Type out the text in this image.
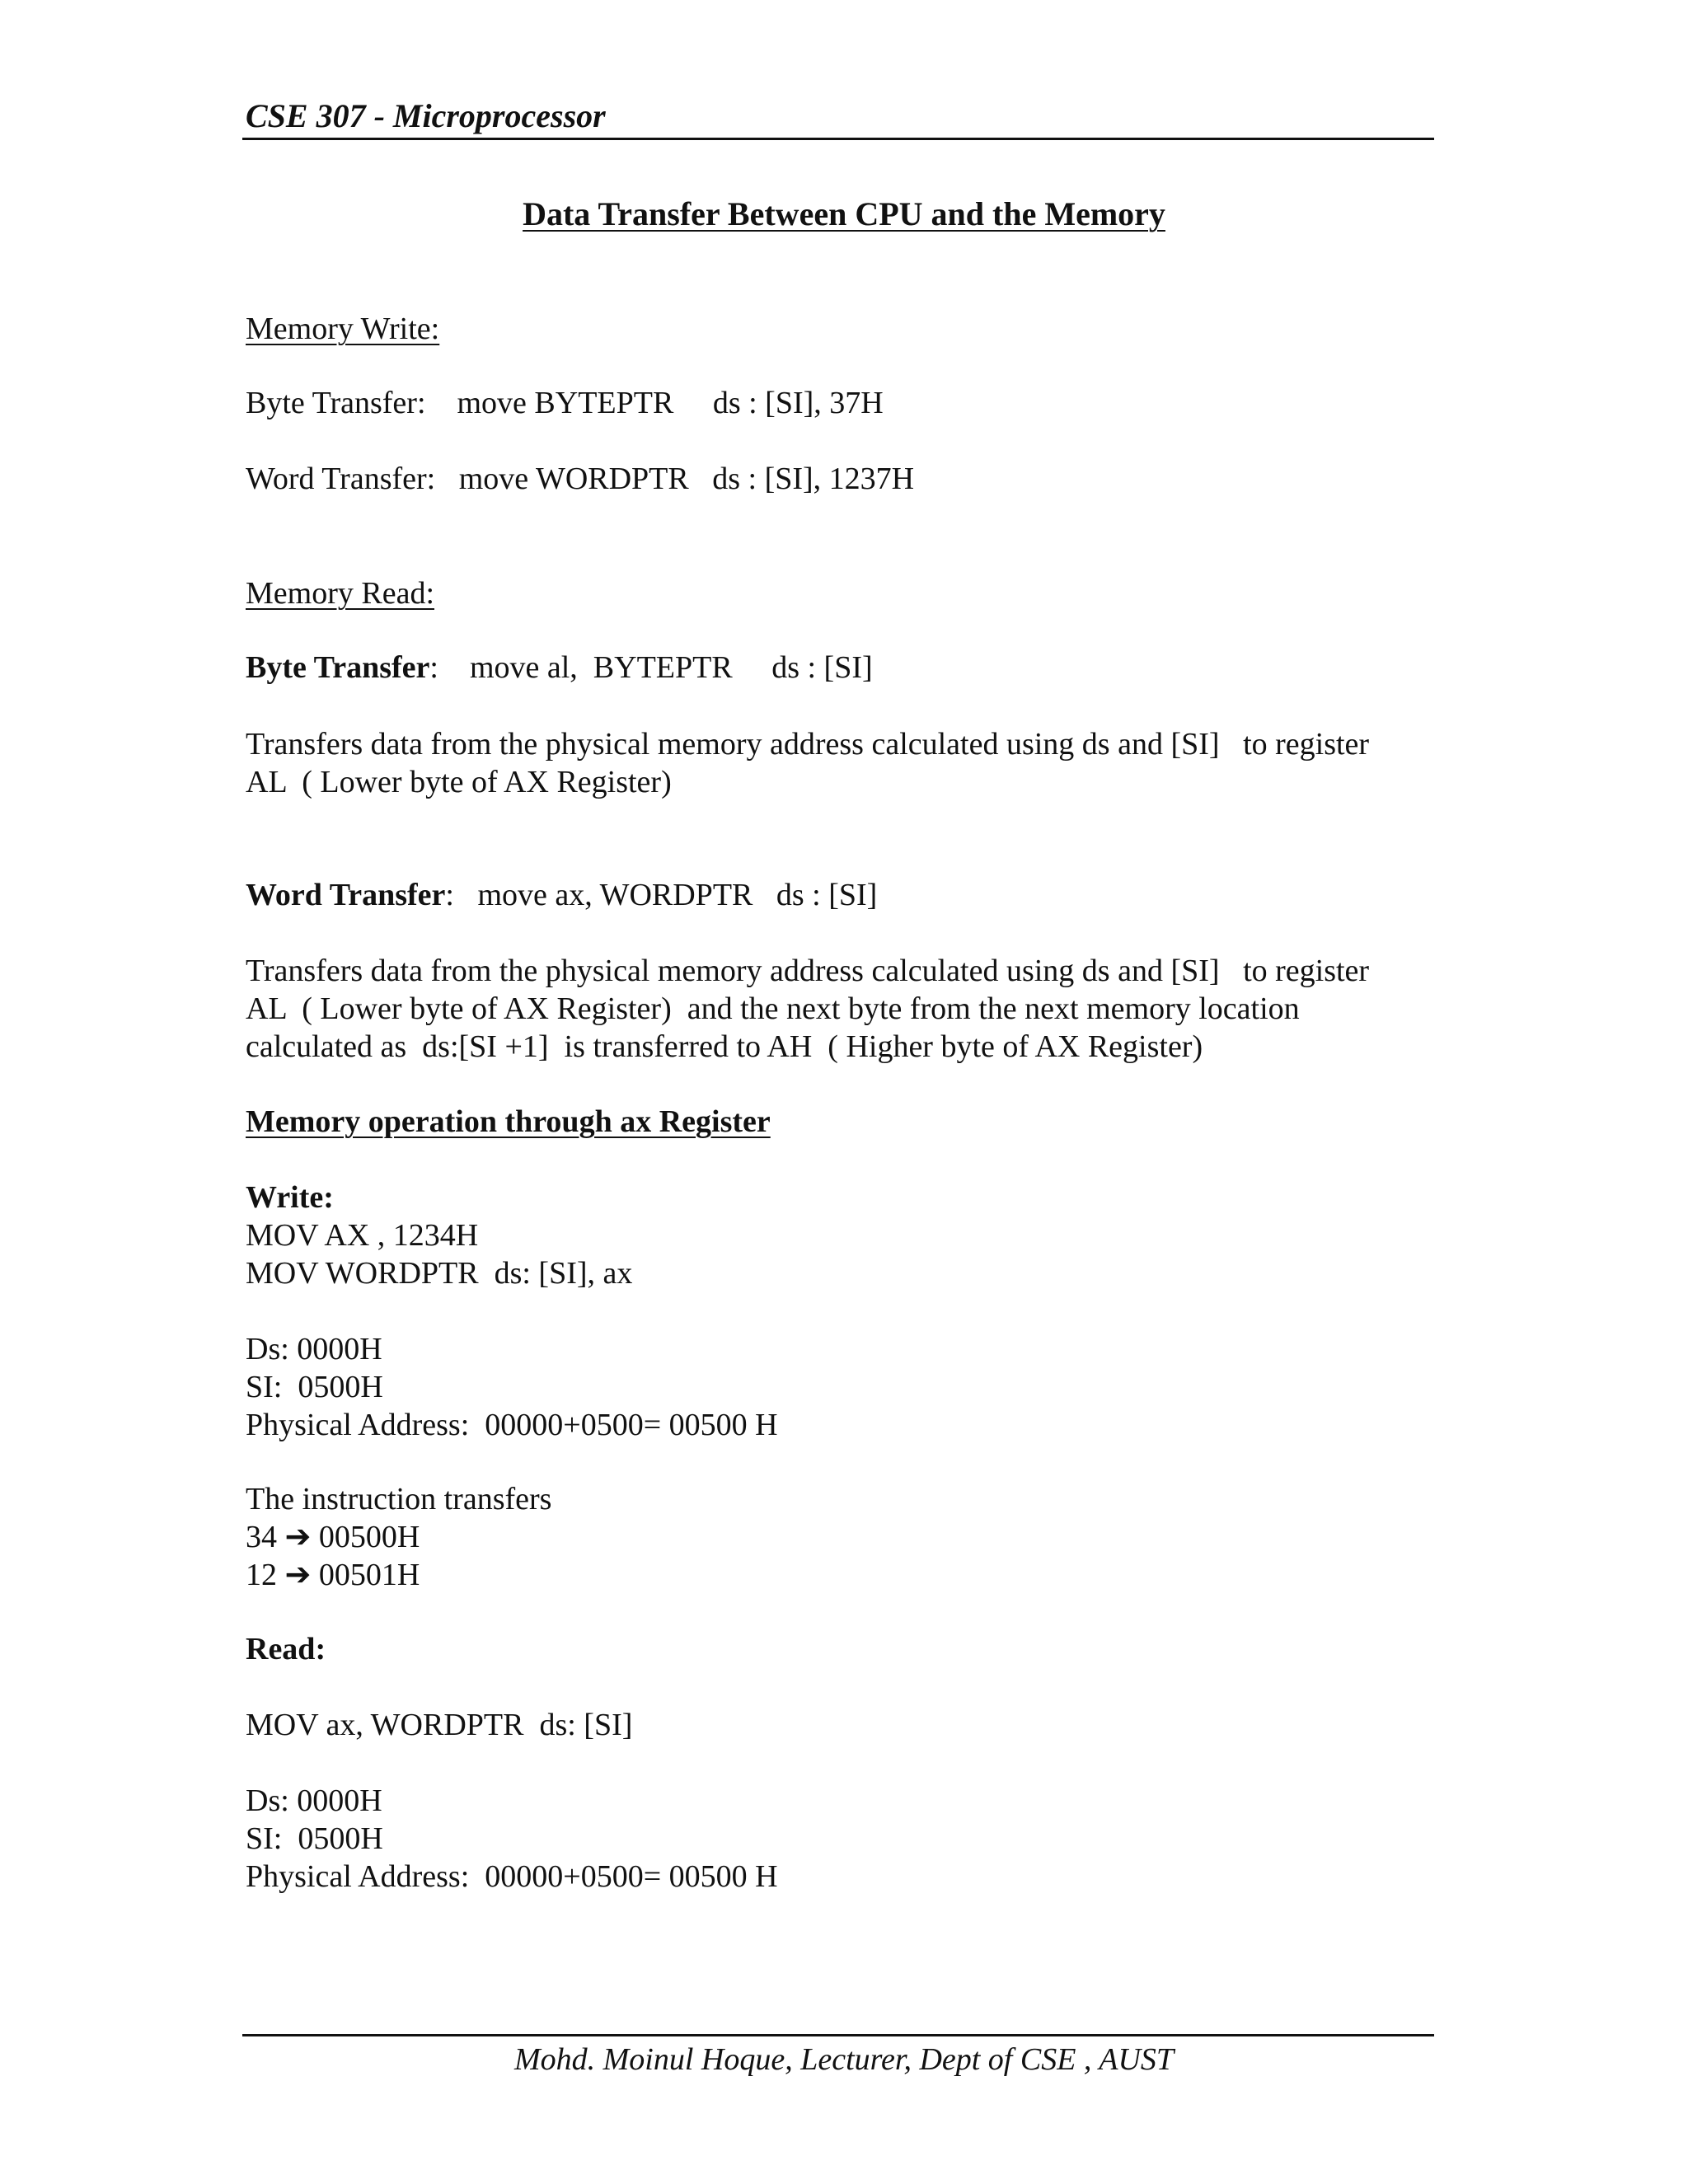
CSE 307 - Microprocessor
Data Transfer Between CPU and the Memory
Memory Write:
Byte Transfer: move BYTEPTR     ds : [SI], 37H
Word Transfer: move WORDPTR   ds : [SI], 1237H
Memory Read:
Byte Transfer: move al,  BYTEPTR     ds : [SI]
Transfers data from the physical memory address calculated using ds and [SI]   to register
AL  ( Lower byte of AX Register)
Word Transfer: move ax, WORDPTR   ds : [SI]
Transfers data from the physical memory address calculated using ds and [SI]   to register
AL  ( Lower byte of AX Register)  and the next byte from the next memory location
calculated as  ds:[SI +1]  is transferred to AH  ( Higher byte of AX Register)
Memory operation through ax Register
Write:
MOV AX , 1234H
MOV WORDPTR  ds: [SI], ax
Ds: 0000H
SI:  0500H
Physical Address:  00000+0500= 00500 H
The instruction transfers
34 ➔ 00500H
12 ➔ 00501H
Read:
MOV ax, WORDPTR  ds: [SI]
Ds: 0000H
SI:  0500H
Physical Address:  00000+0500= 00500 H
Mohd. Moinul Hoque, Lecturer, Dept of CSE , AUST
